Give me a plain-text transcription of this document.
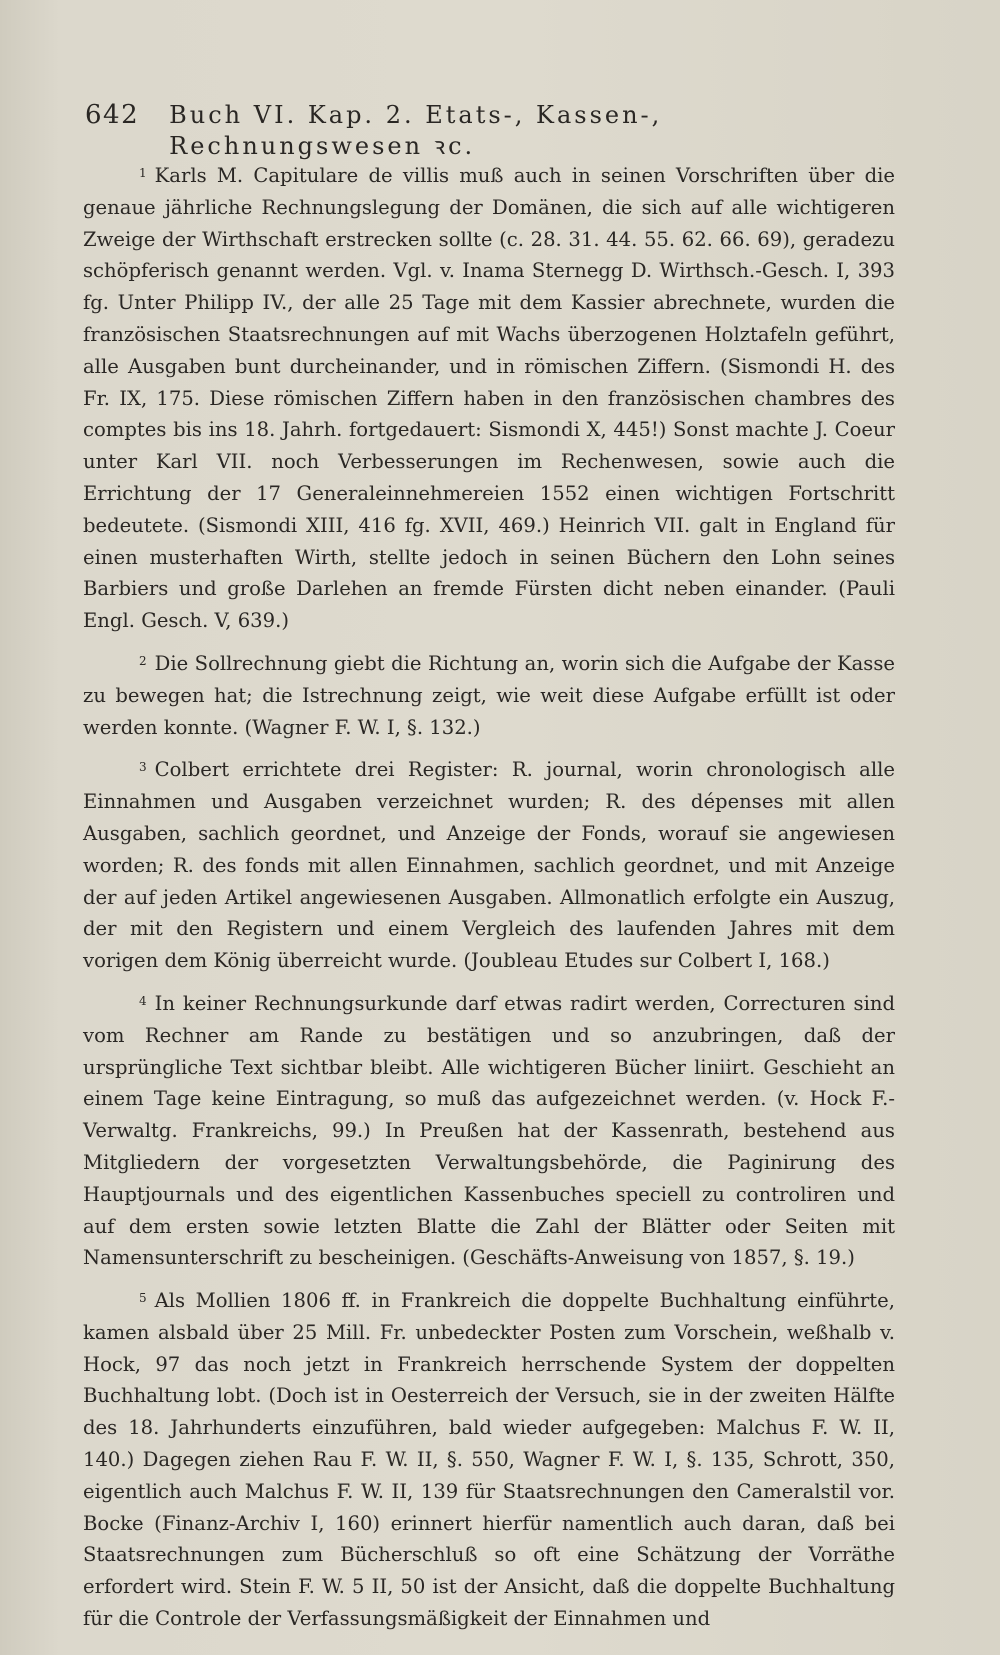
642 Buch VI. Kap. 2. Etats-, Kassen-, Rechnungswesen ꝛc.

$^1$ Karls M. Capitulare de villis muß auch in seinen Vorschriften über die genaue jährliche Rechnungslegung der Domänen, die sich auf alle wichtigeren Zweige der Wirthschaft erstrecken sollte (c. 28. 31. 44. 55. 62. 66. 69), geradezu schöpferisch genannt werden. Vgl. v. Inama Sternegg D. Wirthsch.-Gesch. I, 393 fg. Unter Philipp IV., der alle 25 Tage mit dem Kassier abrechnete, wurden die französischen Staatsrechnungen auf mit Wachs überzogenen Holztafeln geführt, alle Ausgaben bunt durcheinander, und in römischen Ziffern. (Sismondi H. des Fr. IX, 175. Diese römischen Ziffern haben in den französischen chambres des comptes bis ins 18. Jahrh. fortgedauert: Sismondi X, 445!) Sonst machte J. Coeur unter Karl VII. noch Verbesserungen im Rechenwesen, sowie auch die Errichtung der 17 Generaleinnehmereien 1552 einen wichtigen Fortschritt bedeutete. (Sismondi XIII, 416 fg. XVII, 469.) Heinrich VII. galt in England für einen musterhaften Wirth, stellte jedoch in seinen Büchern den Lohn seines Barbiers und große Darlehen an fremde Fürsten dicht neben einander. (Pauli Engl. Gesch. V, 639.)

$^2$ Die Sollrechnung giebt die Richtung an, worin sich die Aufgabe der Kasse zu bewegen hat; die Istrechnung zeigt, wie weit diese Aufgabe erfüllt ist oder werden konnte. (Wagner F. W. I, §. 132.)

$^3$ Colbert errichtete drei Register: R. journal, worin chronologisch alle Einnahmen und Ausgaben verzeichnet wurden; R. des dépenses mit allen Ausgaben, sachlich geordnet, und Anzeige der Fonds, worauf sie angewiesen worden; R. des fonds mit allen Einnahmen, sachlich geordnet, und mit Anzeige der auf jeden Artikel angewiesenen Ausgaben. Allmonatlich erfolgte ein Auszug, der mit den Registern und einem Vergleich des laufenden Jahres mit dem vorigen dem König überreicht wurde. (Joubleau Etudes sur Colbert I, 168.)

$^4$ In keiner Rechnungsurkunde darf etwas radirt werden, Correcturen sind vom Rechner am Rande zu bestätigen und so anzubringen, daß der ursprüngliche Text sichtbar bleibt. Alle wichtigeren Bücher liniirt. Geschieht an einem Tage keine Eintragung, so muß das aufgezeichnet werden. (v. Hock F.-Verwaltg. Frankreichs, 99.) In Preußen hat der Kassenrath, bestehend aus Mitgliedern der vorgesetzten Verwaltungsbehörde, die Paginirung des Hauptjournals und des eigentlichen Kassenbuches speciell zu controliren und auf dem ersten sowie letzten Blatte die Zahl der Blätter oder Seiten mit Namensunterschrift zu bescheinigen. (Geschäfts-Anweisung von 1857, §. 19.)

$^5$ Als Mollien 1806 ff. in Frankreich die doppelte Buchhaltung einführte, kamen alsbald über 25 Mill. Fr. unbedeckter Posten zum Vorschein, weßhalb v. Hock, 97 das noch jetzt in Frankreich herrschende System der doppelten Buchhaltung lobt. (Doch ist in Oesterreich der Versuch, sie in der zweiten Hälfte des 18. Jahrhunderts einzuführen, bald wieder aufgegeben: Malchus F. W. II, 140.) Dagegen ziehen Rau F. W. II, §. 550, Wagner F. W. I, §. 135, Schrott, 350, eigentlich auch Malchus F. W. II, 139 für Staatsrechnungen den Cameralstil vor. Bocke (Finanz-Archiv I, 160) erinnert hierfür namentlich auch daran, daß bei Staatsrechnungen zum Bücherschluß so oft eine Schätzung der Vorräthe erfordert wird. Stein F. W. 5 II, 50 ist der Ansicht, daß die doppelte Buchhaltung für die Controle der Verfassungsmäßigkeit der Einnahmen und
